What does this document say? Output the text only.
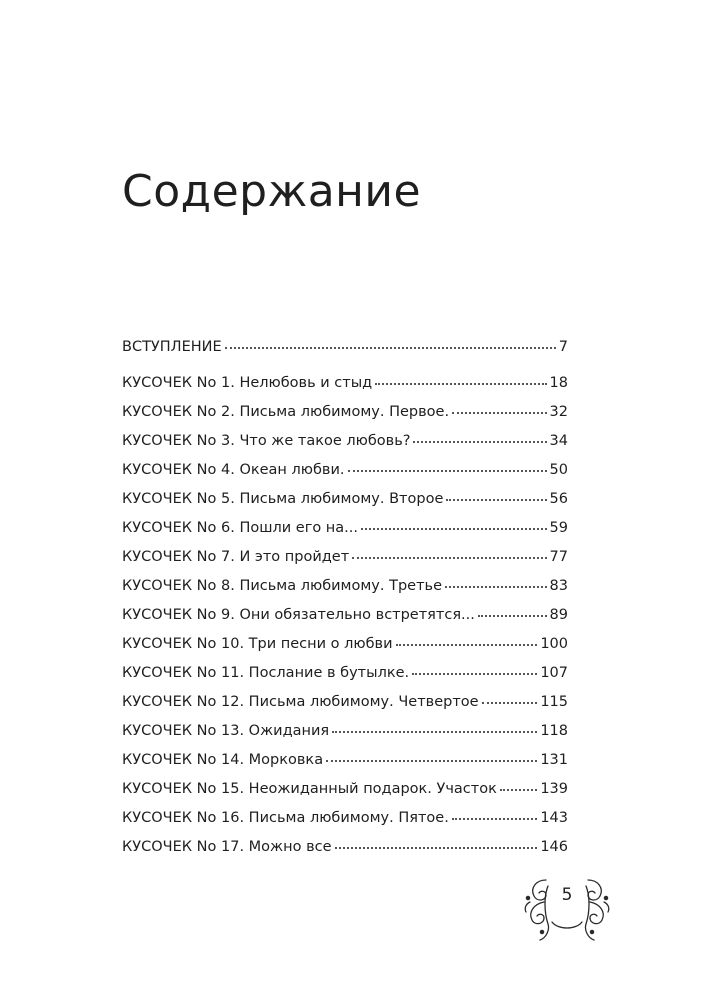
Содержание
ВСТУПЛЕНИЕ	7
КУСОЧЕК No 1. Нелюбовь и стыд	18
КУСОЧЕК No 2. Письма любимому. Первое.	32
КУСОЧЕК No 3. Что же такое любовь?	34
КУСОЧЕК No 4. Океан любви.	50
КУСОЧЕК No 5. Письма любимому. Второе	56
КУСОЧЕК No 6. Пошли его на...	59
КУСОЧЕК No 7. И это пройдет	77
КУСОЧЕК No 8. Письма любимому. Третье	83
КУСОЧЕК No 9. Они обязательно встретятся...	89
КУСОЧЕК No 10. Три песни о любви	100
КУСОЧЕК No 11. Послание в бутылке.	107
КУСОЧЕК No 12. Письма любимому. Четвертое	115
КУСОЧЕК No 13. Ожидания	118
КУСОЧЕК No 14. Морковка	131
КУСОЧЕК No 15. Неожиданный подарок. Участок	139
КУСОЧЕК No 16. Письма любимому. Пятое.	143
КУСОЧЕК No 17. Можно все	146
5
